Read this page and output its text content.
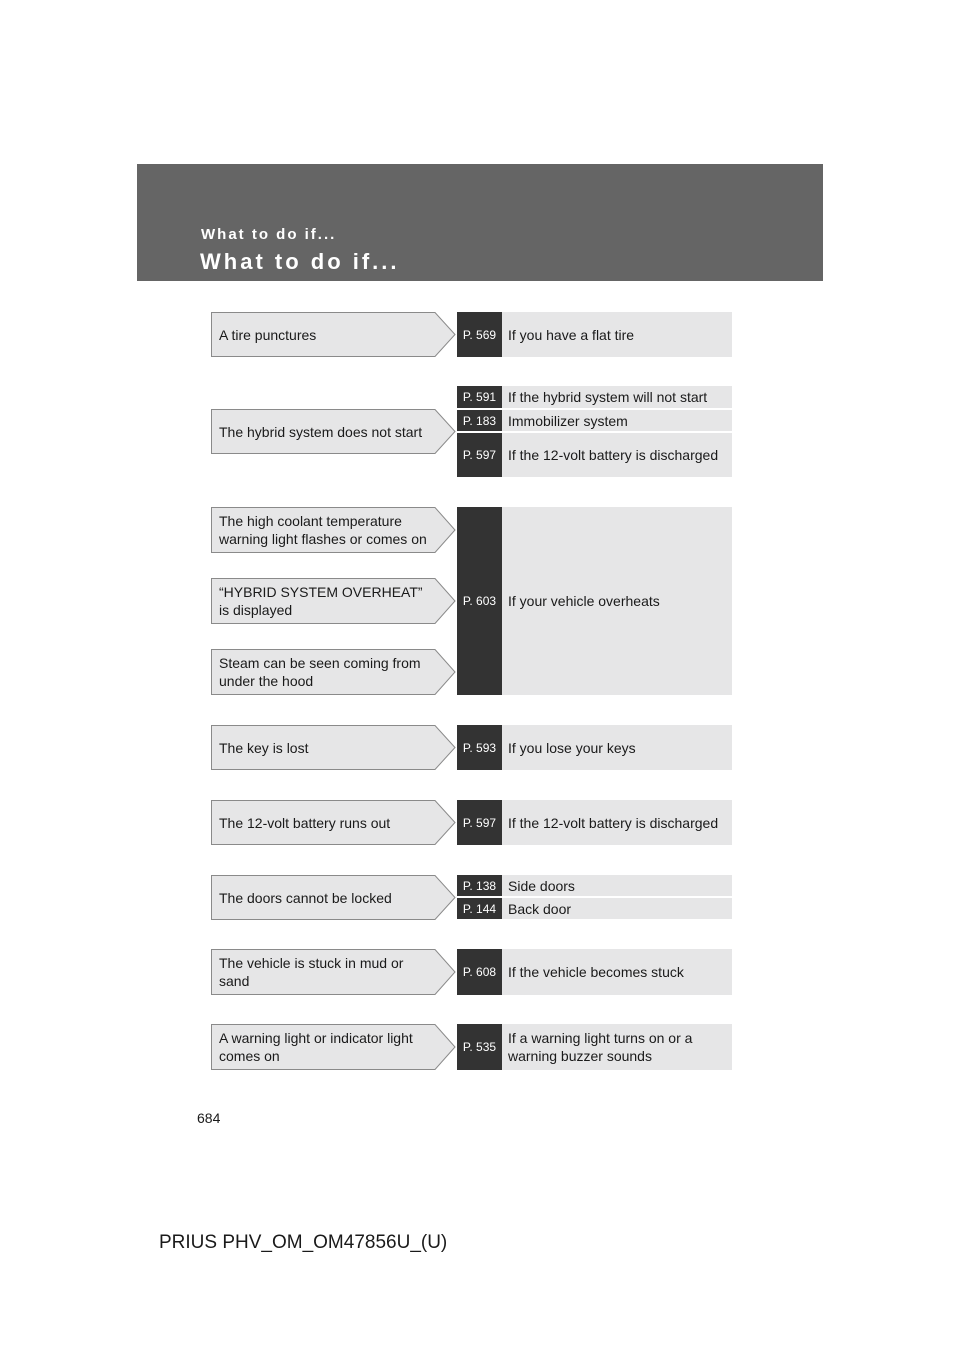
What to do if...
What to do if...
A tire punctures
The hybrid system does not start
The high coolant temperature warning light flashes or comes on
“HYBRID SYSTEM OVERHEAT” is displayed
Steam can be seen coming from under the hood
The key is lost
The 12-volt battery runs out
The doors cannot be locked
The vehicle is stuck in mud or sand
A warning light or indicator light comes on
P. 569 If you have a flat tire
P. 591 If the hybrid system will not start
P. 183 Immobilizer system
P. 597 If the 12-volt battery is discharged
P. 603 If your vehicle overheats
P. 593 If you lose your keys
P. 597 If the 12-volt battery is discharged
P. 138 Side doors
P. 144 Back door
P. 608 If the vehicle becomes stuck
P. 535
If a warning light turns on or a warning buzzer sounds
684
PRIUS PHV_OM_OM47856U_(U)
